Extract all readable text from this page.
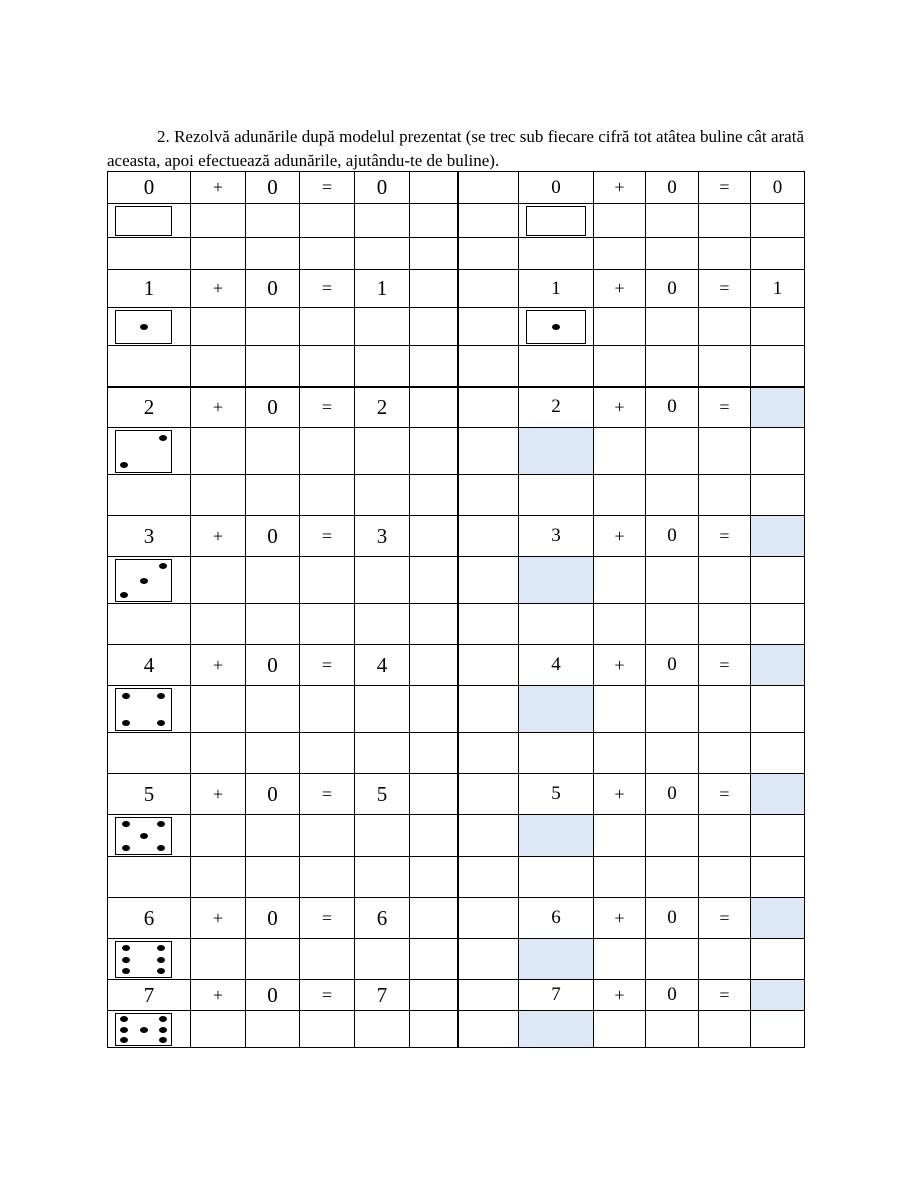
2. Rezolvă adunările după modelul prezentat (se trec sub fiecare cifră tot atâtea buline cât arată aceasta, apoi efectuează adunările, ajutându-te de buline).

0	+	0	=	0			0	+	0	=	0

1	+	0	=	1			1	+	0	=	1

2	+	0	=	2			2	+	0	=	

3	+	0	=	3			3	+	0	=	

4	+	0	=	4			4	+	0	=	

5	+	0	=	5			5	+	0	=	

6	+	0	=	6			6	+	0	=	

7	+	0	=	7			7	+	0	=	
